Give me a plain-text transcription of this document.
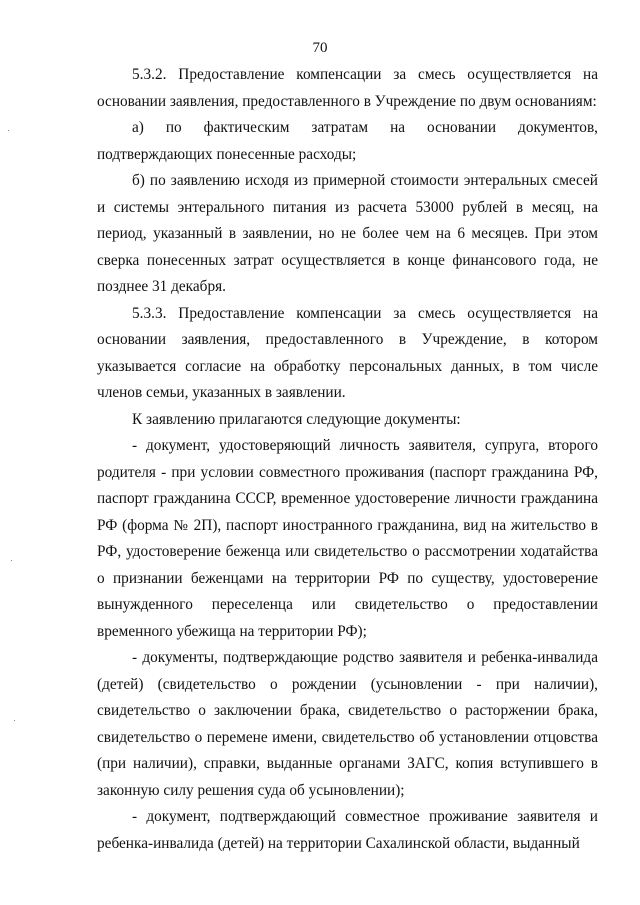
70

5.3.2. Предоставление компенсации за смесь осуществляется на основании заявления, предоставленного в Учреждение по двум основаниям:

а) по фактическим затратам на основании документов, подтверждающих понесенные расходы;

б) по заявлению исходя из примерной стоимости энтеральных смесей и системы энтерального питания из расчета 53000 рублей в месяц, на период, указанный в заявлении, но не более чем на 6 месяцев. При этом сверка понесенных затрат осуществляется в конце финансового года, не позднее 31 декабря.

5.3.3. Предоставление компенсации за смесь осуществляется на основании заявления, предоставленного в Учреждение, в котором указывается согласие на обработку персональных данных, в том числе членов семьи, указанных в заявлении.

К заявлению прилагаются следующие документы:

- документ, удостоверяющий личность заявителя, супруга, второго родителя - при условии совместного проживания (паспорт гражданина РФ, паспорт гражданина СССР, временное удостоверение личности гражданина РФ (форма № 2П), паспорт иностранного гражданина, вид на жительство в РФ, удостоверение беженца или свидетельство о рассмотрении ходатайства о признании беженцами на территории РФ по существу, удостоверение вынужденного переселенца или свидетельство о предоставлении временного убежища на территории РФ);

- документы, подтверждающие родство заявителя и ребенка-инвалида (детей) (свидетельство о рождении (усыновлении - при наличии), свидетельство о заключении брака, свидетельство о расторжении брака, свидетельство о перемене имени, свидетельство об установлении отцовства (при наличии), справки, выданные органами ЗАГС, копия вступившего в законную силу решения суда об усыновлении);

- документ, подтверждающий совместное проживание заявителя и ребенка-инвалида (детей) на территории Сахалинской области, выданный
